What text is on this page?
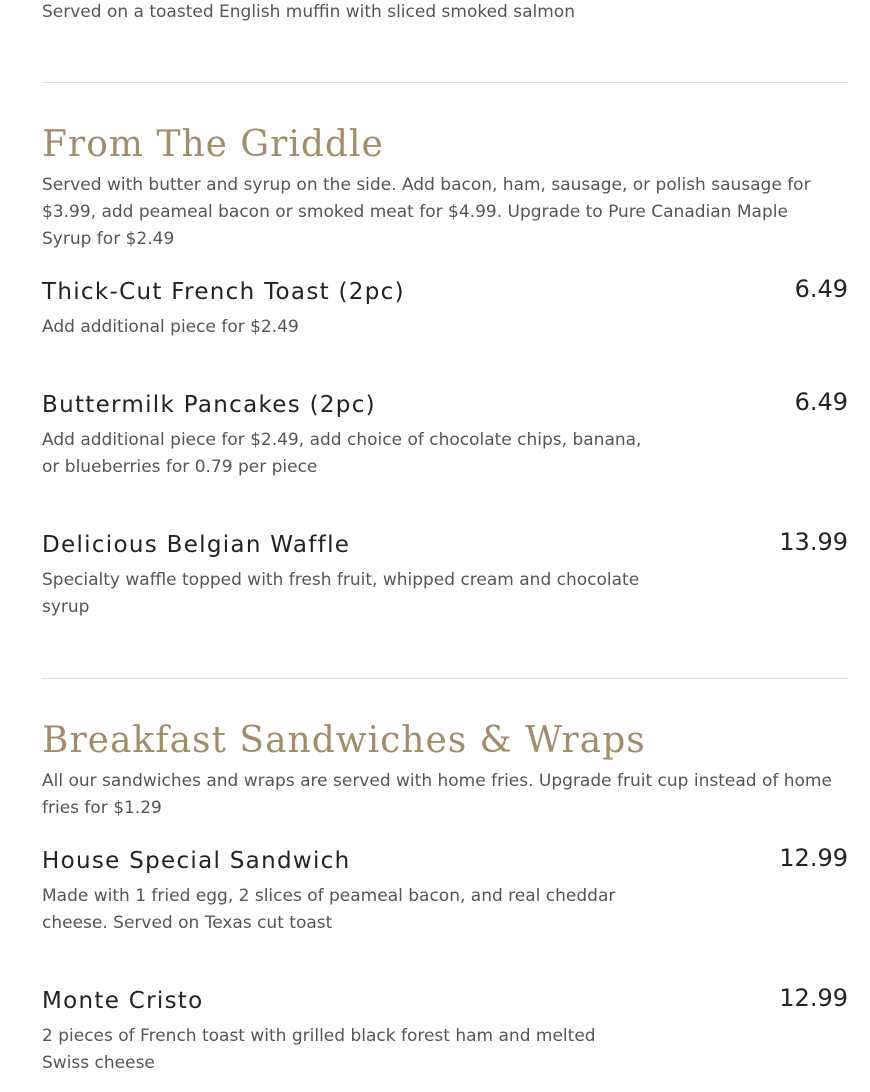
Served on a toasted English muffin with sliced smoked salmon
From The Griddle

Served with butter and syrup on the side. Add bacon, ham, sausage, or polish sausage for $3.99, add peameal bacon or smoked meat for $4.99. Upgrade to Pure Canadian Maple Syrup for $2.49

Thick-Cut French Toast (2pc)	6.49

Add additional piece for $2.49

Buttermilk Pancakes (2pc)	6.49

Add additional piece for $2.49, add choice of chocolate chips, banana, or blueberries for 0.79 per piece

Delicious Belgian Waffle	13.99

Specialty waffle topped with fresh fruit, whipped cream and chocolate syrup

Breakfast Sandwiches & Wraps

All our sandwiches and wraps are served with home fries. Upgrade fruit cup instead of home fries for $1.29

House Special Sandwich	12.99

Made with 1 fried egg, 2 slices of peameal bacon, and real cheddar cheese. Served on Texas cut toast

Monte Cristo	12.99

2 pieces of French toast with grilled black forest ham and melted Swiss cheese
